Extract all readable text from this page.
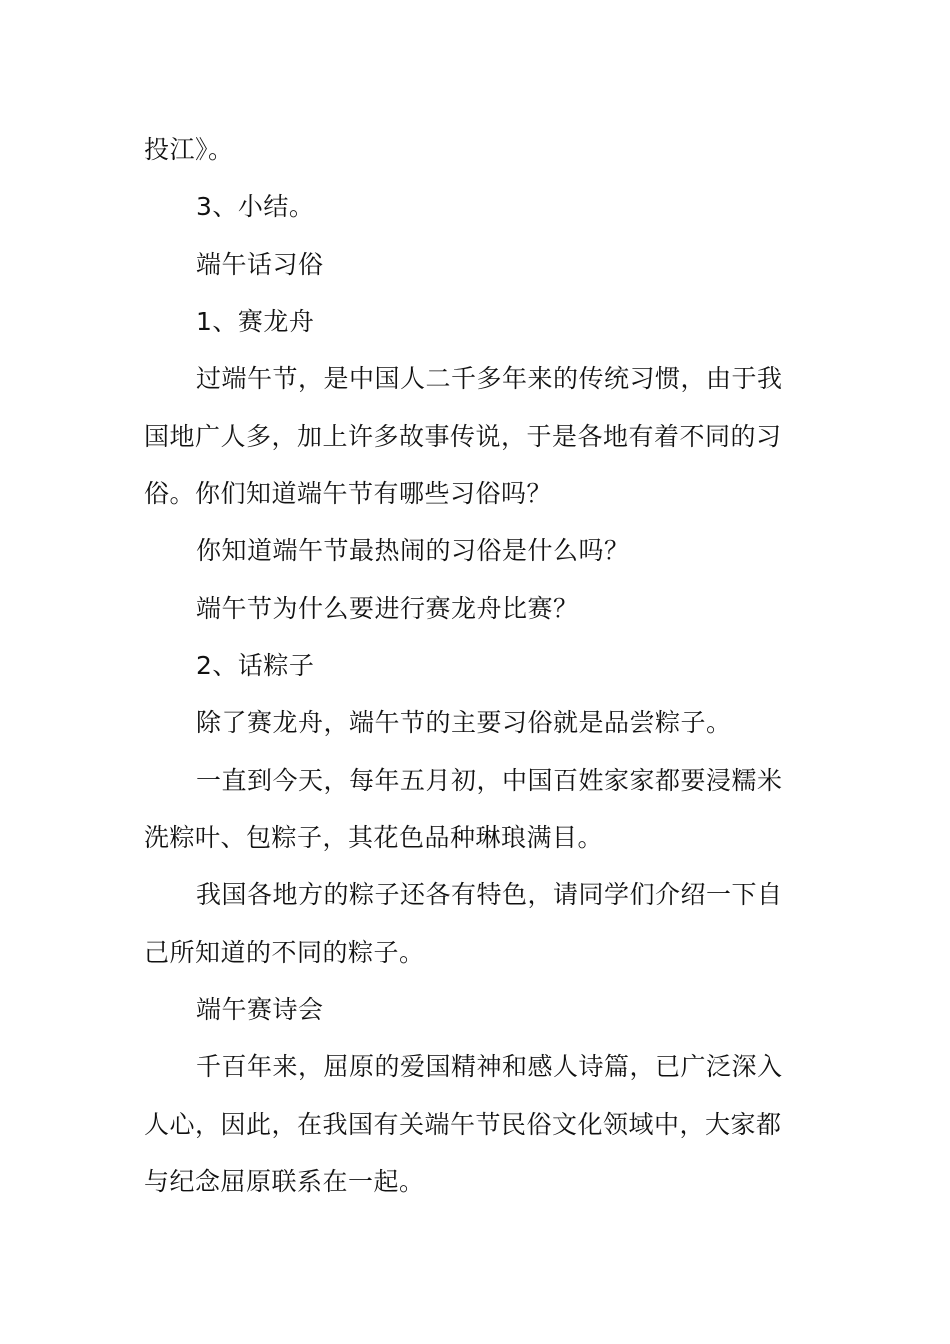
投江》。
3、小结。
端午话习俗
1、赛龙舟
过端午节，是中国人二千多年来的传统习惯，由于我
国地广人多，加上许多故事传说，于是各地有着不同的习
俗。你们知道端午节有哪些习俗吗？
你知道端午节最热闹的习俗是什么吗？
端午节为什么要进行赛龙舟比赛？
2、话粽子
除了赛龙舟，端午节的主要习俗就是品尝粽子。
一直到今天，每年五月初，中国百姓家家都要浸糯米
洗粽叶、包粽子，其花色品种琳琅满目。
我国各地方的粽子还各有特色，请同学们介绍一下自
己所知道的不同的粽子。
端午赛诗会
千百年来，屈原的爱国精神和感人诗篇，已广泛深入
人心，因此，在我国有关端午节民俗文化领域中，大家都
与纪念屈原联系在一起。
